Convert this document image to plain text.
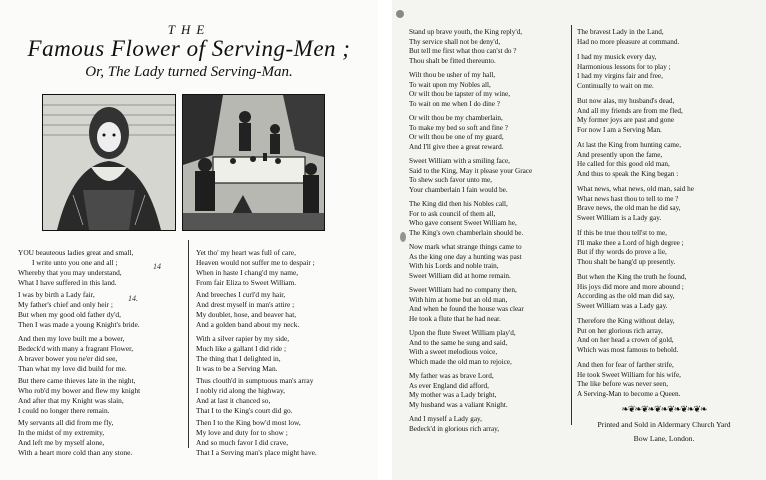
THE
Famous Flower of Serving-Men ;
Or, The Lady turned Serving-Man.
YOU beauteous ladies great and small,
I write unto you one and all ;
Whereby that you may understand,
What I have suffered in this land.
I was by birth a Lady fair,
My father's chief and only heir ;
But when my good old father dy'd,
Then I was made a young Knight's bride.
And then my love built me a bower,
Bedeck'd with many a fragrant Flower,
A braver bower you ne'er did see,
Than what my love did build for me.
But there came thieves late in the night,
Who rob'd my bower and flew my knight
And after that my Knight was slain,
I could no longer there remain.
My servants all did from me fly,
In the midst of my extremity,
And left me by myself alone,
With a heart more cold than any stone.
14
14.
Yet tho' my heart was full of care,
Heaven would not suffer me to despair ;
When in haste I chang'd my name,
From fair Eliza to Sweet William.
And breeches I curl'd my hair,
And drest myself in man's attire ;
My doublet, hose, and beaver hat,
And a golden band about my neck.
With a silver rapier by my side,
Much like a gallant I did ride ;
The thing that I delighted in,
It was to be a Serving Man.
Thus clouth'd in sumptuous man's array
I nobly rid along the highway,
And at last it chanced so,
That I to the King's court did go.
Then I to the King bow'd most low,
My love and duty for to show ;
And so much favor I did crave,
That I a Serving man's place might have.
Stand up brave youth, the King reply'd,
Thy service shall not be deny'd,
But tell me first what thou can'st do ?
Thou shalt be fitted thereunto.
Wilt thou be usher of my hall,
To wait upon my Nobles all,
Or wilt thou be tapster of my wine,
To wait on me when I do dine ?
Or wilt thou be my chamberlain,
To make my bed so soft and fine ?
Or wilt thou be one of my guard,
And I'll give thee a great reward.
Sweet William with a smiling face,
Said to the King, May it please your Grace
To shew such favor unto me,
Your chamberlain I fain would be.
The King did then his Nobles call,
For to ask council of them all,
Who gave consent Sweet William he,
The King's own chamberlain should be.
Now mark what strange things came to
As the king one day a hunting was past
With his Lords and noble train,
Sweet William did at home remain.
Sweet William had no company then,
With him at home but an old man,
And when he found the house was clear
He took a flute that he had near.
Upon the flute Sweet William play'd,
And to the same he sung and said,
With a sweet melodious voice,
Which made the old man to rejoice,
My father was as brave Lord,
As ever England did afford,
My mother was a Lady bright,
My husband was a valiant Knight.
And I myself a Lady gay,
Bedeck'd in glorious rich array,
The bravest Lady in the Land,
Had no more pleasure at command.
I had my musick every day,
Harmonious lessons for to play ;
I had my virgins fair and free,
Continually to wait on me.
But now alas, my husband's dead,
And all my friends are from me fled,
My former joys are past and gone
For now I am a Serving Man.
At last the King from hunting came,
And presently upon the fame,
He called for this good old man,
And thus to speak the King began :
What news, what news, old man, said he
What news hast thou to tell to me ?
Brave news, the old man he did say,
Sweet William is a Lady gay.
If this be true thou tell'st to me,
I'll make thee a Lord of high degree ;
But if thy words do prove a lie,
Thou shalt be hang'd up presently.
But when the King the truth he found,
His joys did more and more abound ;
According as the old man did say,
Sweet William was a Lady gay.
Therefore the King without delay,
Put on her glorious rich array,
And on her head a crown of gold,
Which was most famous to behold.
And then for fear of farther strife,
He took Sweet William for his wife,
The like before was never seen,
A Serving-Man to become a Queen.
❧❦❧❦❧❦❧❦❧❦❧❦❧
Printed and Sold in Aldermary Church Yard
Bow Lane, London.
